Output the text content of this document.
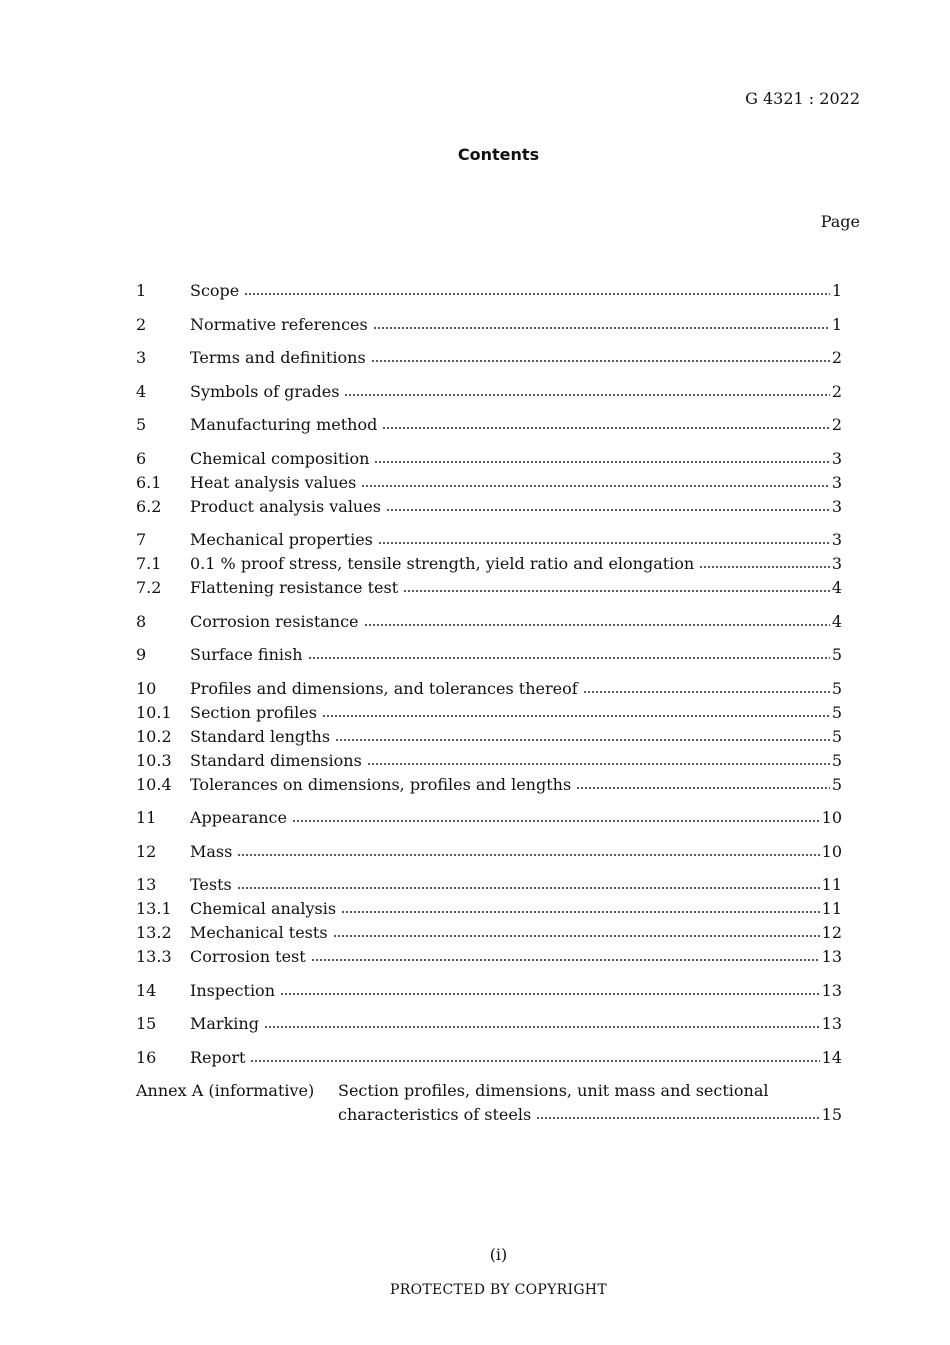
G 4321 : 2022
Contents
Page
1	Scope	1
2	Normative references	1
3	Terms and definitions	2
4	Symbols of grades	2
5	Manufacturing method	2
6	Chemical composition	3
6.1	Heat analysis values	3
6.2	Product analysis values	3
7	Mechanical properties	3
7.1	0.1 % proof stress, tensile strength, yield ratio and elongation	3
7.2	Flattening resistance test	4
8	Corrosion resistance	4
9	Surface finish	5
10	Profiles and dimensions, and tolerances thereof	5
10.1	Section profiles	5
10.2	Standard lengths	5
10.3	Standard dimensions	5
10.4	Tolerances on dimensions, profiles and lengths	5
11	Appearance	10
12	Mass	10
13	Tests	11
13.1	Chemical analysis	11
13.2	Mechanical tests	12
13.3	Corrosion test	13
14	Inspection	13
15	Marking	13
16	Report	14
Annex A (informative) Section profiles, dimensions, unit mass and sectional
characteristics of steels	15
(i)
PROTECTED BY COPYRIGHT
